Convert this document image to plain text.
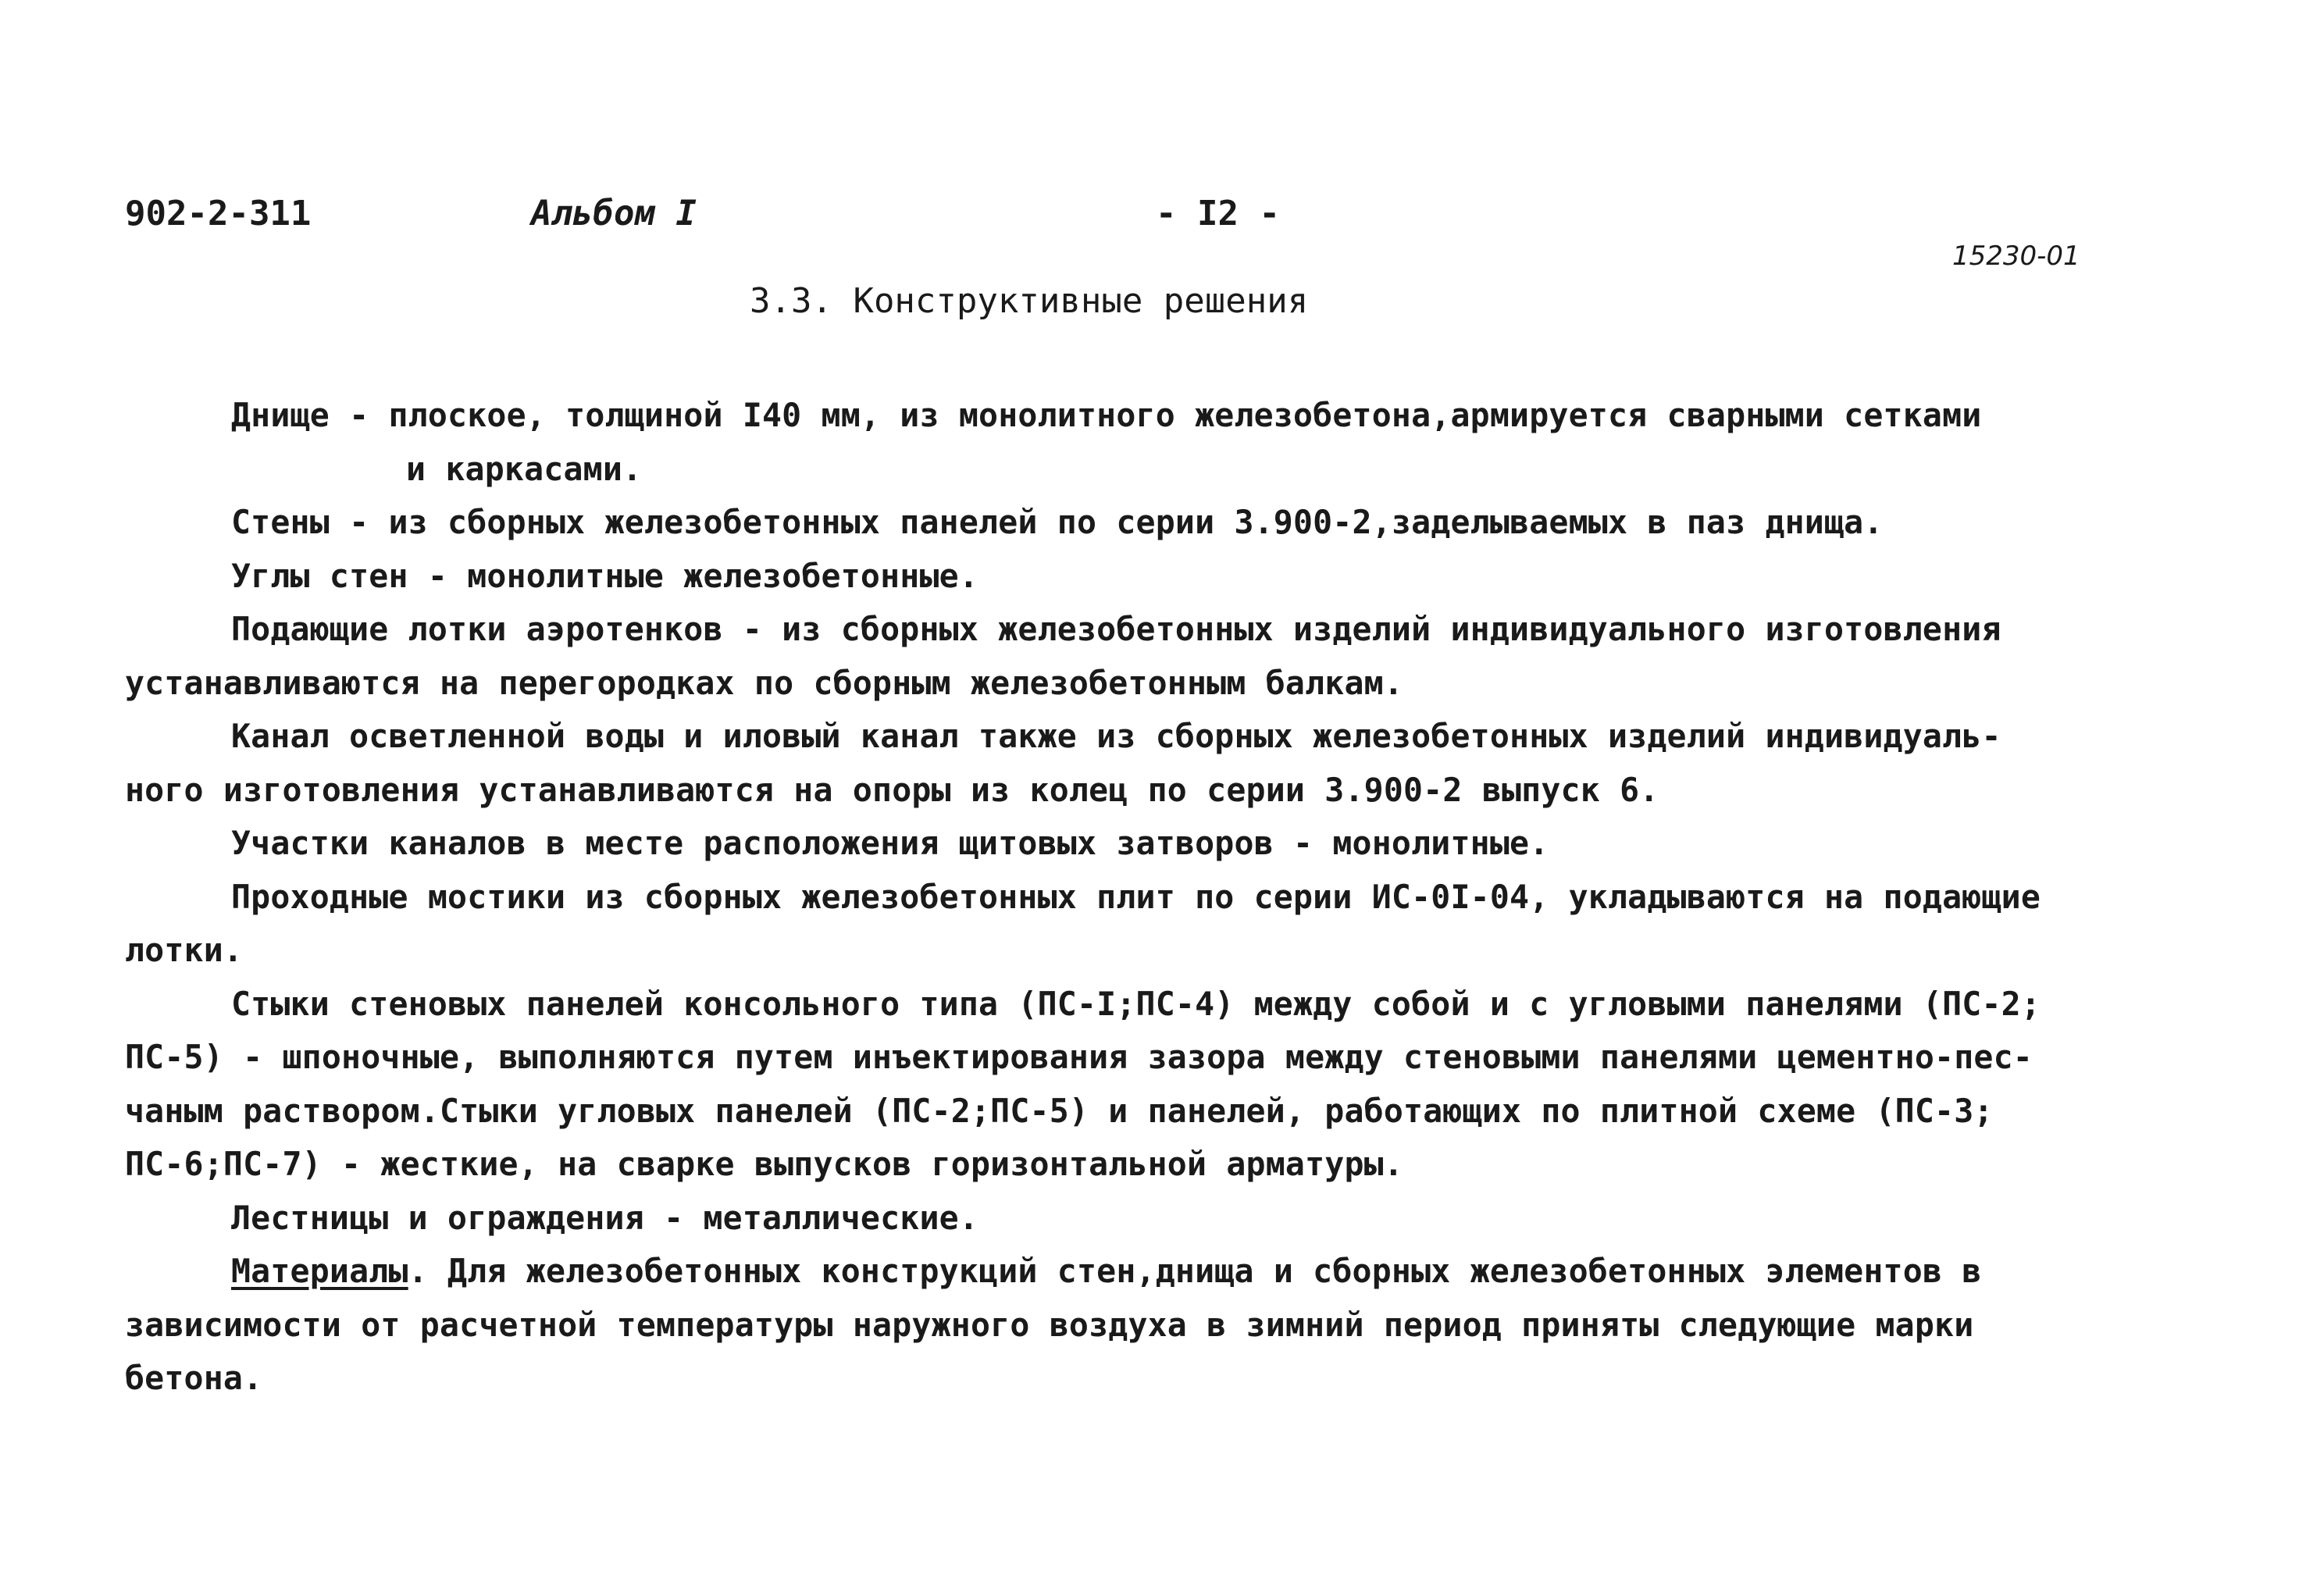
902-2-311	Альбом I	- I2 -
15230-01
3.3. Конструктивные решения
Днище - плоское, толщиной I40 мм, из монолитного железобетона,армируется сварными сетками
и каркасами.
Стены - из сборных железобетонных панелей по серии 3.900-2,заделываемых в паз днища.
Углы стен - монолитные железобетонные.
Подающие лотки аэротенков - из сборных железобетонных изделий индивидуального изготовления
устанавливаются на перегородках по сборным железобетонным балкам.
Канал осветленной воды и иловый канал также из сборных железобетонных изделий индивидуаль-
ного изготовления устанавливаются на опоры из колец по серии 3.900-2 выпуск 6.
Участки каналов в месте расположения щитовых затворов - монолитные.
Проходные мостики из сборных железобетонных плит по серии ИС-0I-04, укладываются на подающие
лотки.
Стыки стеновых панелей консольного типа (ПС-I;ПС-4) между собой и с угловыми панелями (ПС-2;
ПС-5) - шпоночные, выполняются путем инъектирования зазора между стеновыми панелями цементно-пес-
чаным раствором.Стыки угловых панелей (ПС-2;ПС-5) и панелей, работающих по плитной схеме (ПС-3;
ПС-6;ПС-7) - жесткие, на сварке выпусков горизонтальной арматуры.
Лестницы и ограждения - металлические.
Материалы. Для железобетонных конструкций стен,днища и сборных железобетонных элементов в
зависимости от расчетной температуры наружного воздуха в зимний период приняты следующие марки
бетона.
